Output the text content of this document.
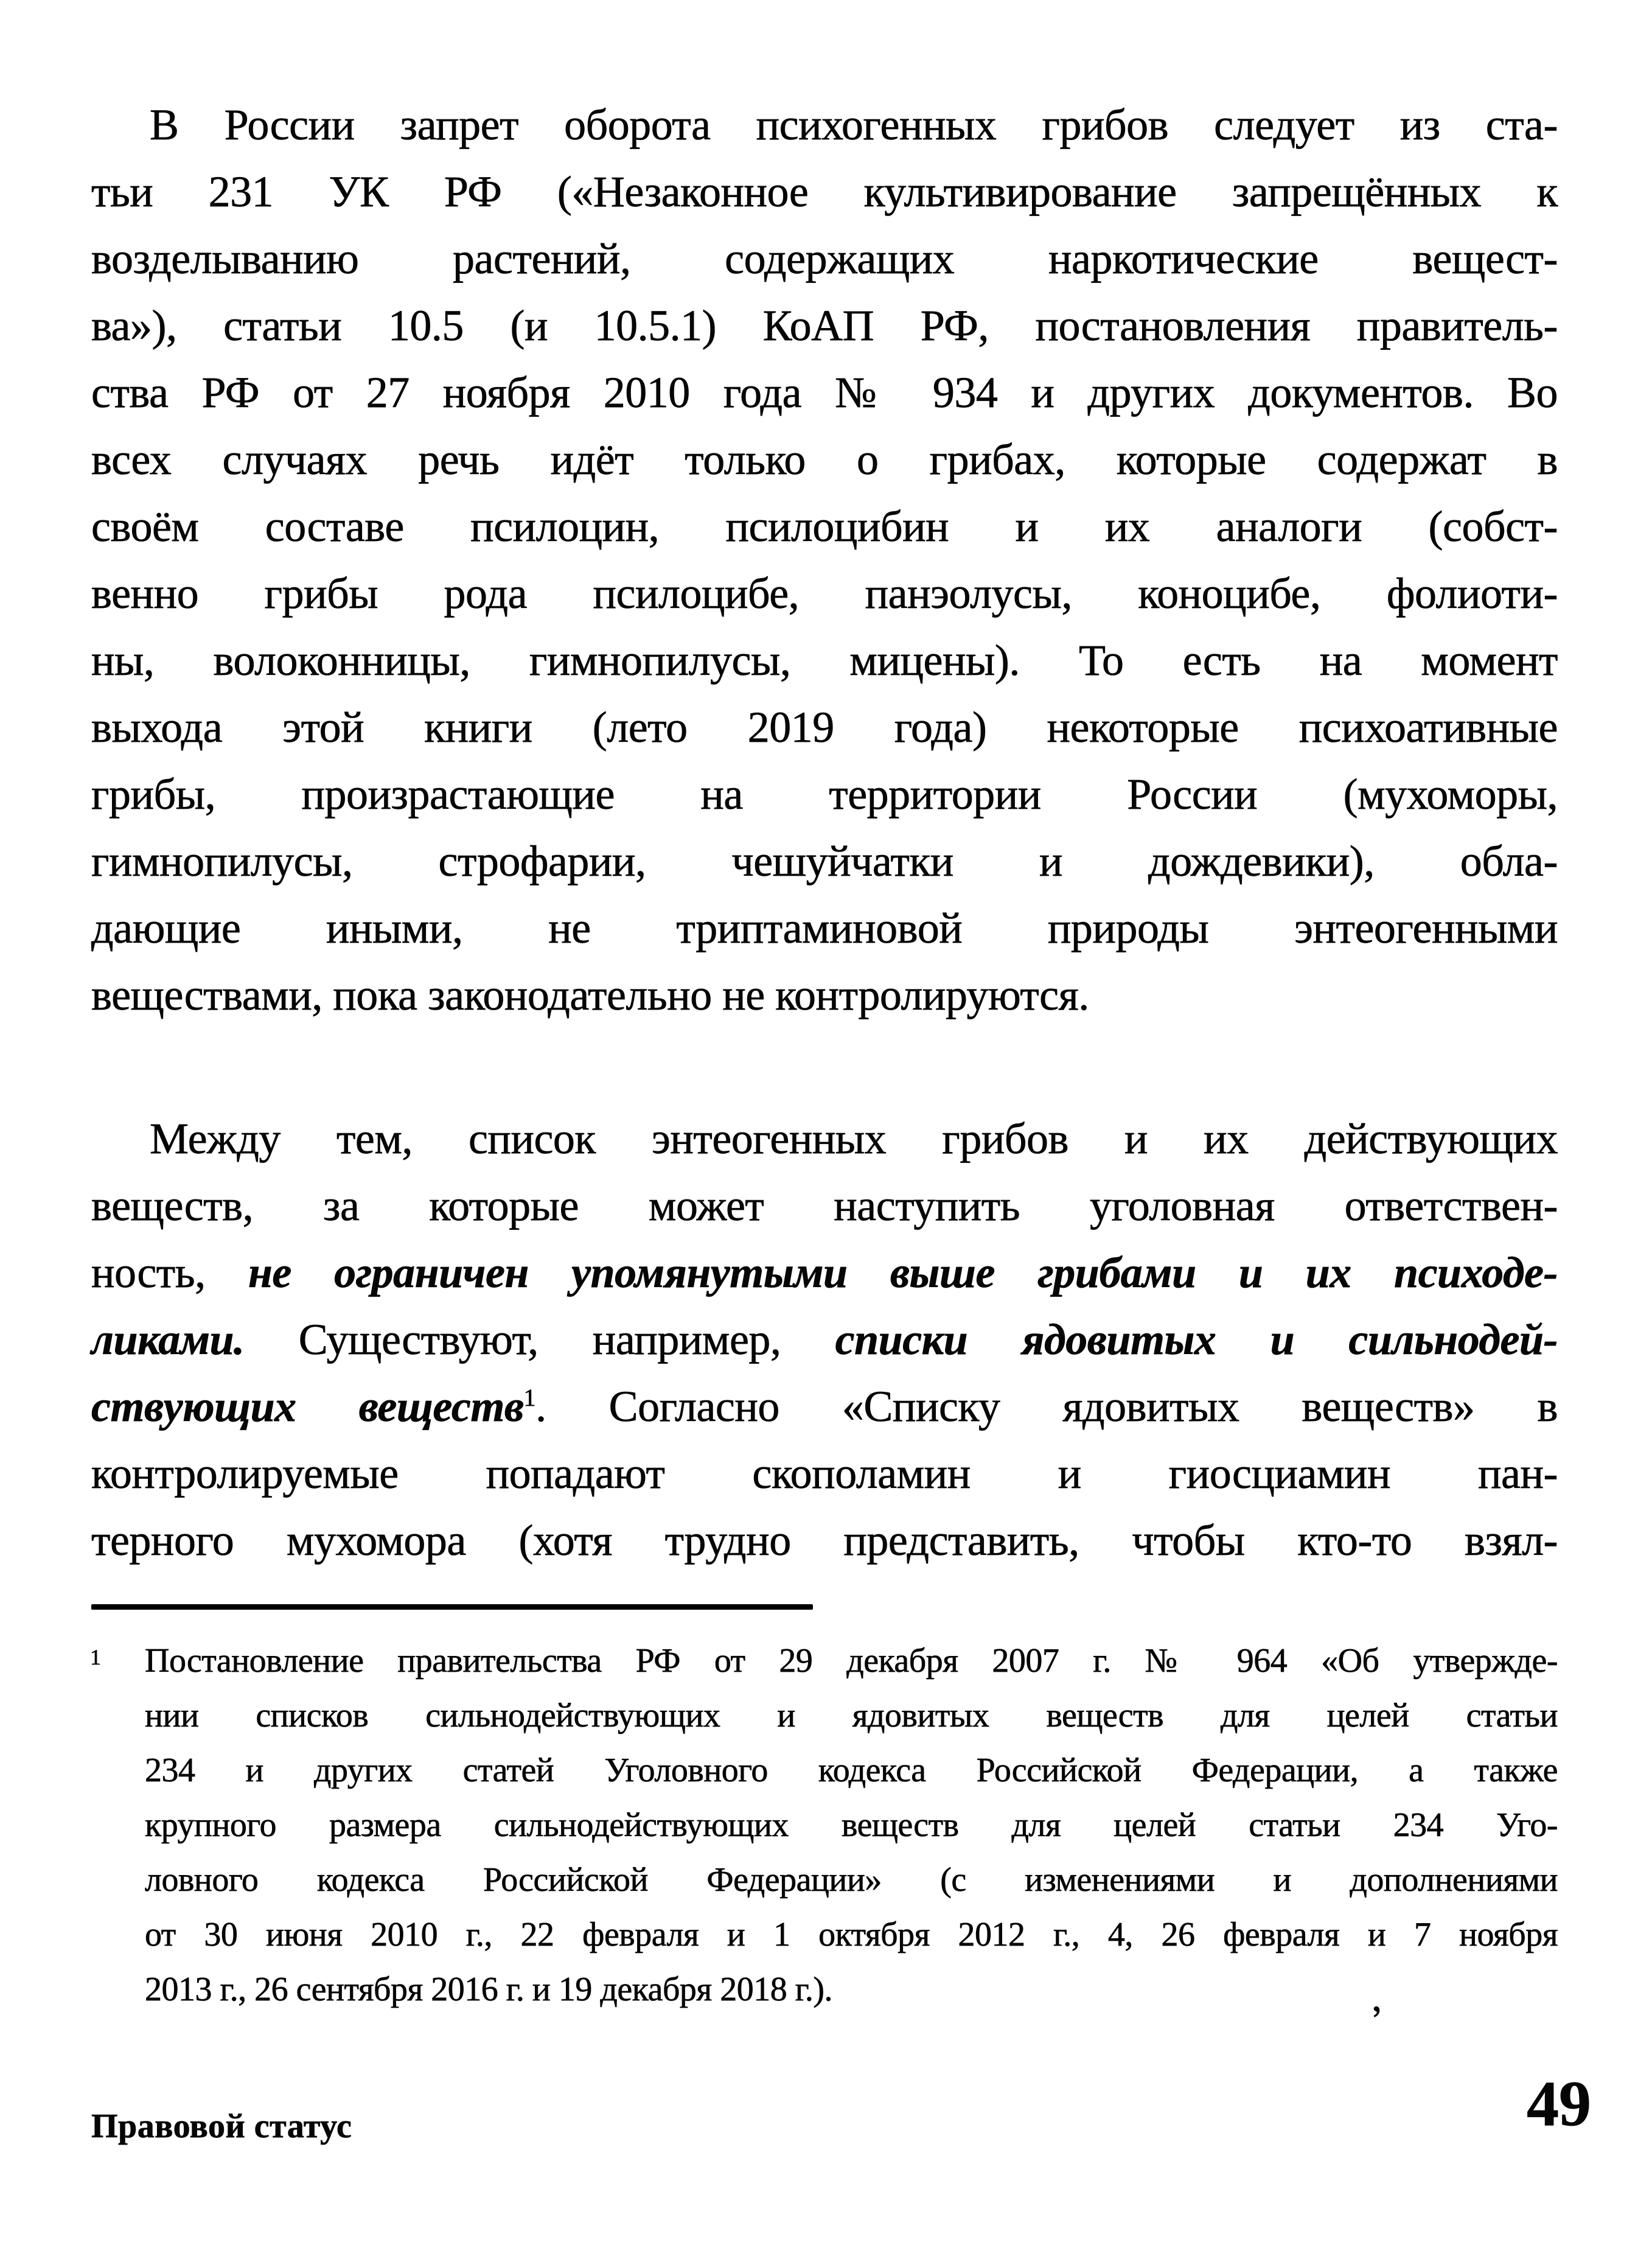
В России запрет оборота психогенных грибов следует из ста-
тьи 231 УК РФ («Незаконное культивирование запрещённых к
возделыванию растений, содержащих наркотические вещест-
ва»), статьи 10.5 (и 10.5.1) КоАП РФ, постановления правитель-
ства РФ от 27 ноября 2010 года № 934 и других документов. Во
всех случаях речь идёт только о грибах, которые содержат в
своём составе псилоцин, псилоцибин и их аналоги (собст-
венно грибы рода псилоцибе, панэолусы, коноцибе, фолиоти-
ны, волоконницы, гимнопилусы, мицены). То есть на момент
выхода этой книги (лето 2019 года) некоторые психоативные
грибы, произрастающие на территории России (мухоморы,
гимнопилусы, строфарии, чешуйчатки и дождевики), обла-
дающие иными, не триптаминовой природы энтеогенными
веществами, пока законодательно не контролируются.
Между тем, список энтеогенных грибов и их действующих
веществ, за которые может наступить уголовная ответствен-
ность, не ограничен упомянутыми выше грибами и их психоде-
ликами. Существуют, например, списки ядовитых и сильнодей-
ствующих веществ$^1$. Согласно «Списку ядовитых веществ» в
контролируемые попадают скополамин и гиосциамин пан-
терного мухомора (хотя трудно представить, чтобы кто-то взял-
1 Постановление правительства РФ от 29 декабря 2007 г. № 964 «Об утвержде-
нии списков сильнодействующих и ядовитых веществ для целей статьи
234 и других статей Уголовного кодекса Российской Федерации, а также
крупного размера сильнодействующих веществ для целей статьи 234 Уго-
ловного кодекса Российской Федерации» (с изменениями и дополнениями
от 30 июня 2010 г., 22 февраля и 1 октября 2012 г., 4, 26 февраля и 7 ноября
2013 г., 26 сентября 2016 г. и 19 декабря 2018 г.).	,
Правовой статус	49
